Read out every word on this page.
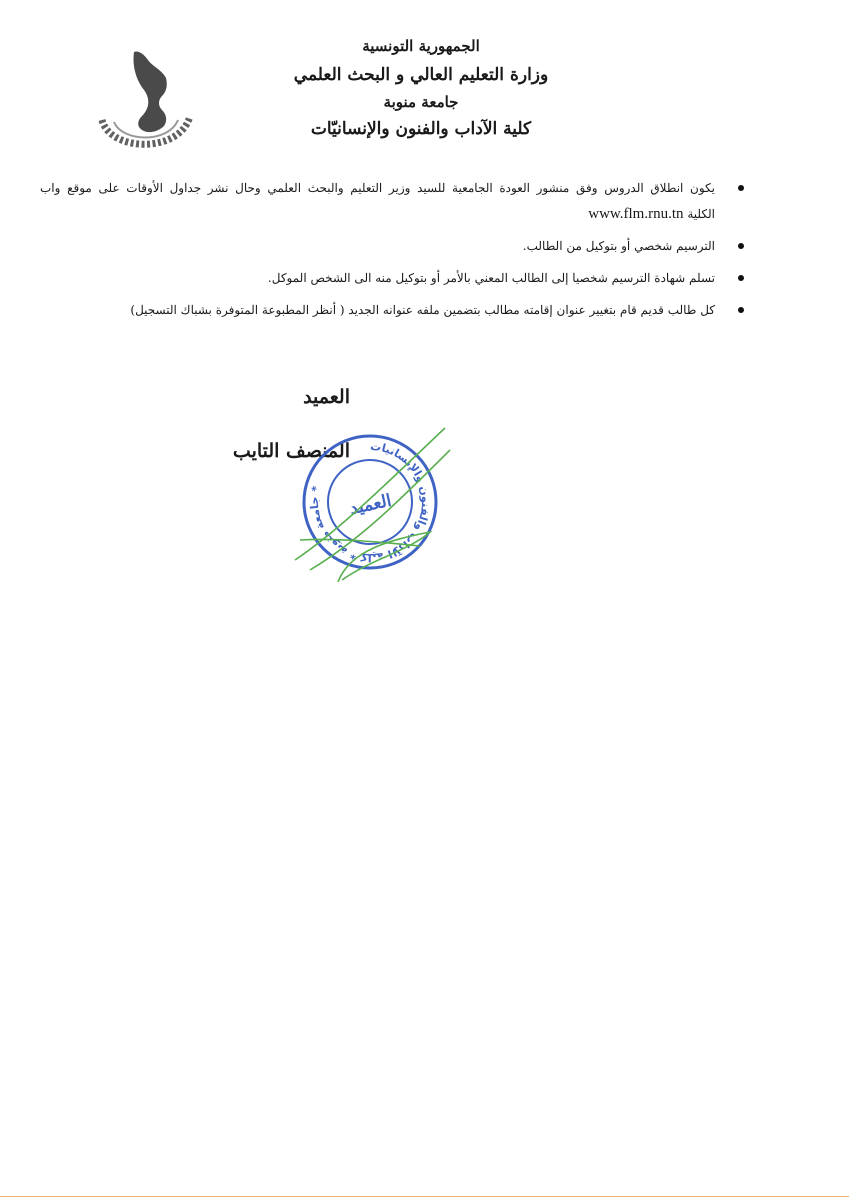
الجمهورية التونسية
وزارة التعليم العالي و البحث العلمي
جامعة منوبة
كلية الآداب والفنون والإنسانيّات
يكون انطلاق الدروس وفق منشور العودة الجامعية للسيد وزير التعليم والبحث العلمي وحال نشر جداول الأوقات على موقع واب
الكلية www.flm.rnu.tn
الترسيم شخصي أو بتوكيل من الطالب.
تسلم شهادة الترسيم شخصيا إلى الطالب المعني بالأمر أو بتوكيل منه الى الشخص الموكل.
كل طالب قديم قام بتغيير عنوان إقامته مطالب بتضمين ملفه عنوانه الجديد ( أنظر المطبوعة المتوفرة بشباك التسجيل)
العميد
المنصف التايب	جامعة منوبة * كلية الآداب والفنون والإنسانيات *
العميد
